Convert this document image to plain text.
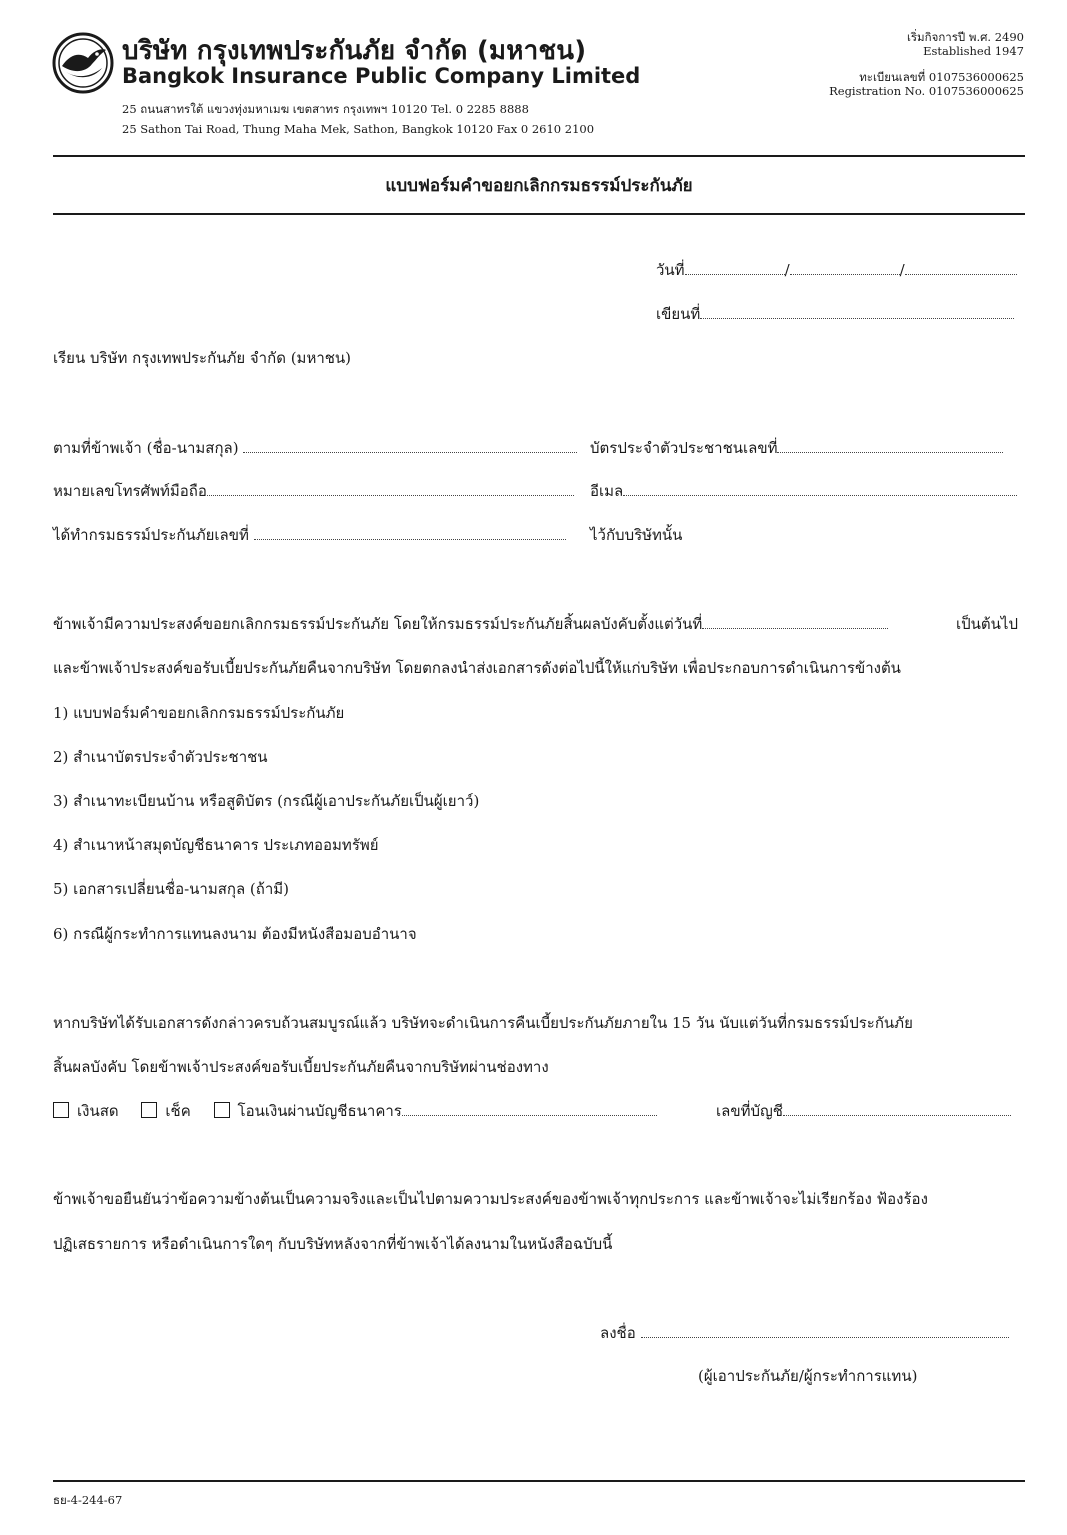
บริษัท กรุงเทพประกันภัย จำกัด (มหาชน)
Bangkok Insurance Public Company Limited
25 ถนนสาทรใต้ แขวงทุ่งมหาเมฆ เขตสาทร กรุงเทพฯ 10120 Tel. 0 2285 8888
25 Sathon Tai Road, Thung Maha Mek, Sathon, Bangkok 10120 Fax 0 2610 2100
เริ่มกิจการปี พ.ศ. 2490
Established 1947
ทะเบียนเลขที่ 0107536000625
Registration No. 0107536000625
แบบฟอร์มคำขอยกเลิกกรมธรรม์ประกันภัย
วันที่	/	/
เขียนที่
เรียน บริษัท กรุงเทพประกันภัย จำกัด (มหาชน)
ตามที่ข้าพเจ้า (ชื่อ-นามสกุล)	บัตรประจำตัวประชาชนเลขที่
หมายเลขโทรศัพท์มือถือ	อีเมล
ได้ทำกรมธรรม์ประกันภัยเลขที่	ไว้กับบริษัทนั้น
ข้าพเจ้ามีความประสงค์ขอยกเลิกกรมธรรม์ประกันภัย โดยให้กรมธรรม์ประกันภัยสิ้นผลบังคับตั้งแต่วันที่	เป็นต้นไป
และข้าพเจ้าประสงค์ขอรับเบี้ยประกันภัยคืนจากบริษัท โดยตกลงนำส่งเอกสารดังต่อไปนี้ให้แก่บริษัท เพื่อประกอบการดำเนินการข้างต้น
1) แบบฟอร์มคำขอยกเลิกกรมธรรม์ประกันภัย
2) สำเนาบัตรประจำตัวประชาชน
3) สำเนาทะเบียนบ้าน หรือสูติบัตร (กรณีผู้เอาประกันภัยเป็นผู้เยาว์)
4) สำเนาหน้าสมุดบัญชีธนาคาร ประเภทออมทรัพย์
5) เอกสารเปลี่ยนชื่อ-นามสกุล (ถ้ามี)
6) กรณีผู้กระทำการแทนลงนาม ต้องมีหนังสือมอบอำนาจ
หากบริษัทได้รับเอกสารดังกล่าวครบถ้วนสมบูรณ์แล้ว บริษัทจะดำเนินการคืนเบี้ยประกันภัยภายใน 15 วัน นับแต่วันที่กรมธรรม์ประกันภัย
สิ้นผลบังคับ โดยข้าพเจ้าประสงค์ขอรับเบี้ยประกันภัยคืนจากบริษัทผ่านช่องทาง
เงินสด	เช็ค	โอนเงินผ่านบัญชีธนาคาร	เลขที่บัญชี
ข้าพเจ้าขอยืนยันว่าข้อความข้างต้นเป็นความจริงและเป็นไปตามความประสงค์ของข้าพเจ้าทุกประการ และข้าพเจ้าจะไม่เรียกร้อง ฟ้องร้อง
ปฏิเสธรายการ หรือดำเนินการใดๆ กับบริษัทหลังจากที่ข้าพเจ้าได้ลงนามในหนังสือฉบับนี้
ลงชื่อ
(ผู้เอาประกันภัย/ผู้กระทำการแทน)
ธย-4-244-67
